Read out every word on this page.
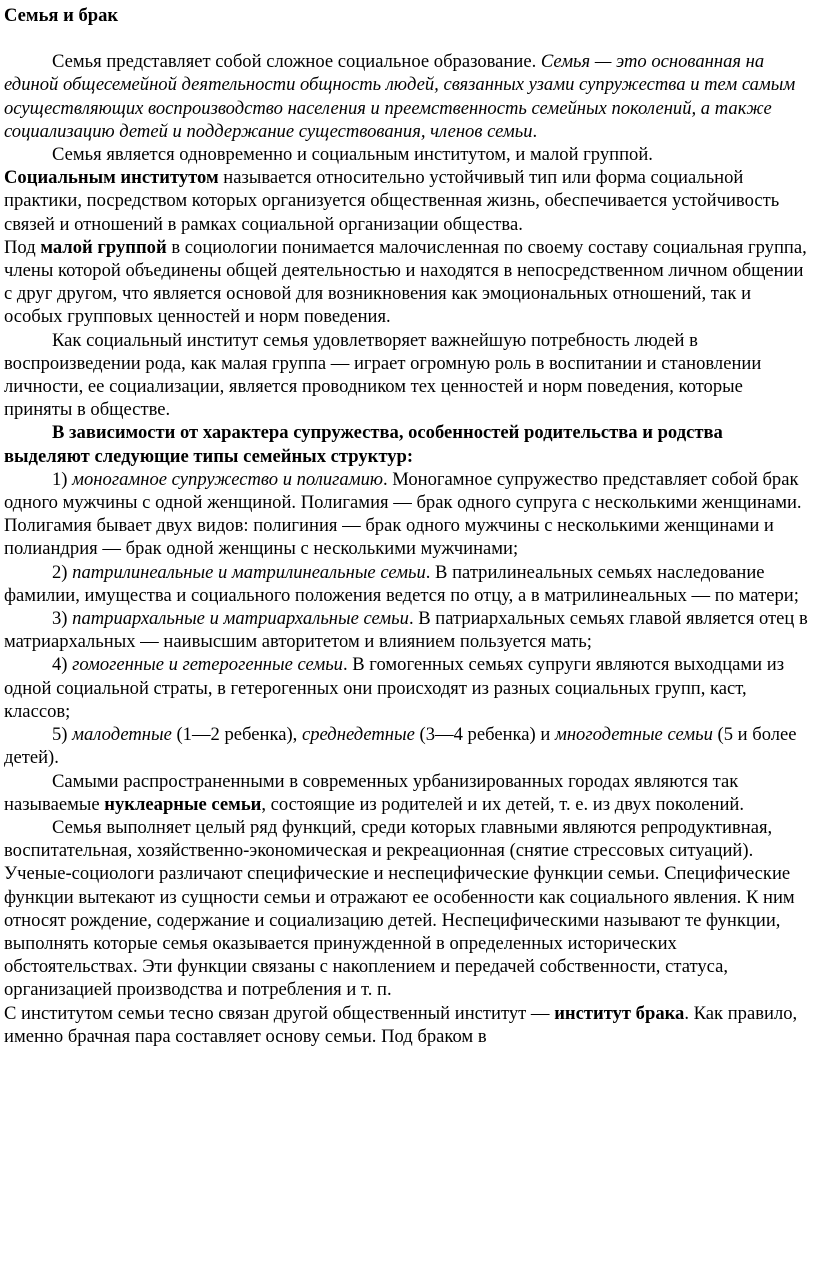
Семья и брак

Семья представляет собой сложное социальное образование. Семья — это основанная на единой общесемейной деятельности общность людей, связанных узами супружества и тем самым осуществляющих воспроизводство населения и преемственность семейных поколений, а также социализацию детей и поддержание существования, членов семьи.

Семья является одновременно и социальным институтом, и малой группой.

Социальным институтом называется относительно устойчивый тип или форма социальной практики, посредством которых организуется общественная жизнь, обеспечивается устойчивость связей и отношений в рамках социальной организации общества.

Под малой группой в социологии понимается малочисленная по своему составу социальная группа, члены которой объединены общей деятельностью и находятся в непосредственном личном общении с друг другом, что является основой для возникновения как эмоциональных отношений, так и особых групповых ценностей и норм поведения.

Как социальный институт семья удовлетворяет важнейшую потребность людей в воспроизведении рода, как малая группа — играет огромную роль в воспитании и становлении личности, ее социализации, является проводником тех ценностей и норм поведения, которые приняты в обществе.

В зависимости от характера супружества, особенностей родительства и родства выделяют следующие типы семейных структур:

1) моногамное супружество и полигамию. Моногамное супружество представляет собой брак одного мужчины с одной женщиной. Полигамия — брак одного супруга с несколькими женщинами. Полигамия бывает двух видов: полигиния — брак одного мужчины с несколькими женщинами и полиандрия — брак одной женщины с несколькими мужчинами;

2) патрилинеальные и матрилинеальные семьи. В патрилинеальных семьях наследование фамилии, имущества и социального положения ведется по отцу, а в матрилинеальных — по матери;

3) патриархальные и матриархальные семьи. В патриархальных семьях главой является отец в матриархальных — наивысшим авторитетом и влиянием пользуется мать;

4) гомогенные и гетерогенные семьи. В гомогенных семьях супруги являются выходцами из одной социальной страты, в гетерогенных они происходят из разных социальных групп, каст, классов;

5) малодетные (1—2 ребенка), среднедетные (3—4 ребенка) и многодетные семьи (5 и более детей).

Самыми распространенными в современных урбанизированных городах являются так называемые нуклеарные семьи, состоящие из родителей и их детей, т. е. из двух поколений.

Семья выполняет целый ряд функций, среди которых главными являются репродуктивная, воспитательная, хозяйственно-экономическая и рекреационная (снятие стрессовых ситуаций). Ученые-социологи различают специфические и неспецифические функции семьи. Специфические функции вытекают из сущности семьи и отражают ее особенности как социального явления. К ним относят рождение, содержание и социализацию детей. Неспецифическими называют те функции, выполнять которые семья оказывается принужденной в определенных исторических обстоятельствах. Эти функции связаны с накоплением и передачей собственности, статуса, организацией производства и потребления и т. п.

С институтом семьи тесно связан другой общественный институт — институт брака. Как правило, именно брачная пара составляет основу семьи. Под браком в
